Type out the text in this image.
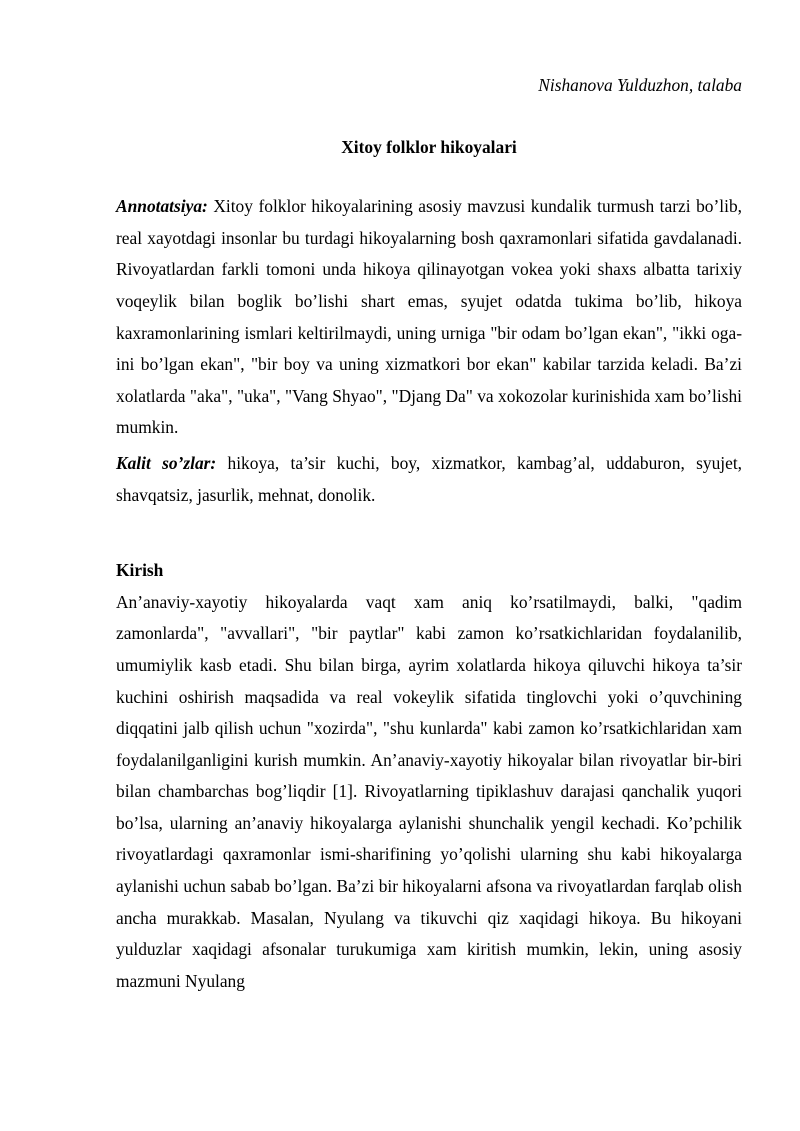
Nishanova Yulduzhon, talaba

Xitoy folklor hikoyalari

Annotatsiya: Xitoy folklor hikoyalarining asosiy mavzusi kundalik turmush tarzi bo’lib, real xayotdagi insonlar bu turdagi hikoyalarning bosh qaxramonlari sifatida gavdalanadi. Rivoyatlardan farkli tomoni unda hikoya qilinayotgan vokea yoki shaxs albatta tarixiy voqeylik bilan boglik bo’lishi shart emas, syujet odatda tukima bo’lib, hikoya kaxramonlarining ismlari keltirilmaydi, uning urniga "bir odam bo’lgan ekan", "ikki oga-ini bo’lgan ekan", "bir boy va uning xizmatkori bor ekan" kabilar tarzida keladi. Ba’zi xolatlarda "aka", "uka", "Vang Shyao", "Djang Da" va xokozolar kurinishida xam bo’lishi mumkin.

Kalit so’zlar: hikoya, ta’sir kuchi, boy, xizmatkor, kambag’al, uddaburon, syujet, shavqatsiz, jasurlik, mehnat, donolik.

Kirish

An’anaviy-xayotiy hikoyalarda vaqt xam aniq ko’rsatilmaydi, balki, "qadim zamonlarda", "avvallari", "bir paytlar" kabi zamon ko’rsatkichlaridan foydalanilib, umumiylik kasb etadi. Shu bilan birga, ayrim xolatlarda hikoya qiluvchi hikoya ta’sir kuchini oshirish maqsadida va real vokeylik sifatida tinglovchi yoki o’quvchining diqqatini jalb qilish uchun "xozirda", "shu kunlarda" kabi zamon ko’rsatkichlaridan xam foydalanilganligini kurish mumkin. An’anaviy-xayotiy hikoyalar bilan rivoyatlar bir-biri bilan chambarchas bog’liqdir [1]. Rivoyatlarning tipiklashuv darajasi qanchalik yuqori bo’lsa, ularning an’anaviy hikoyalarga aylanishi shunchalik yengil kechadi. Ko’pchilik rivoyatlardagi qaxramonlar ismi-sharifining yo’qolishi ularning shu kabi hikoyalarga aylanishi uchun sabab bo’lgan. Ba’zi bir hikoyalarni afsona va rivoyatlardan farqlab olish ancha murakkab. Masalan, Nyulang va tikuvchi qiz xaqidagi hikoya. Bu hikoyani yulduzlar xaqidagi afsonalar turukumiga xam kiritish mumkin, lekin, uning asosiy mazmuni Nyulang
